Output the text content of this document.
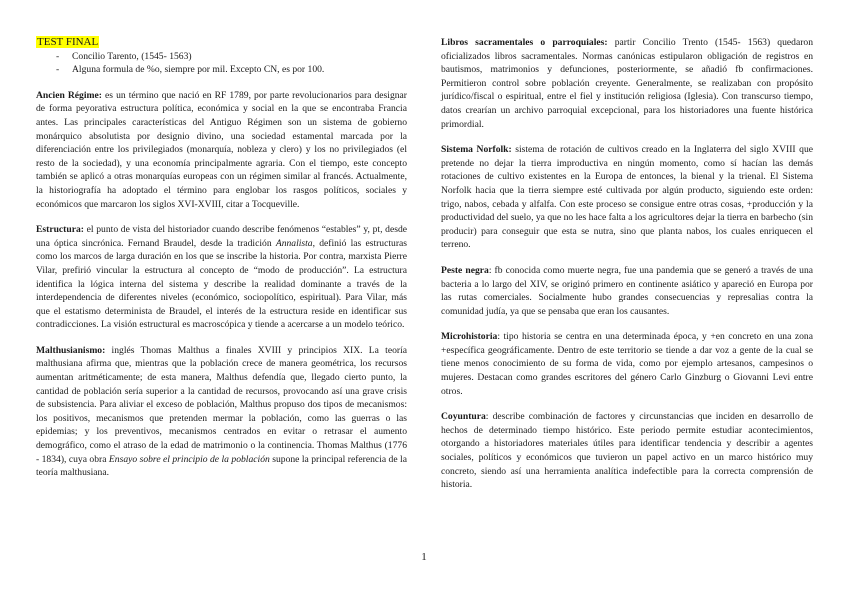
TEST FINAL
- Concilio Tarento, (1545- 1563)
- Alguna formula de %o, siempre por mil. Excepto CN, es por 100.

Ancien Régime: es un término que nació en RF 1789, por parte revolucionarios para designar de forma peyorativa estructura política, económica y social en la que se encontraba Francia antes. Las principales características del Antiguo Régimen son un sistema de gobierno monárquico absolutista por designio divino, una sociedad estamental marcada por la diferenciación entre los privilegiados (monarquía, nobleza y clero) y los no privilegiados (el resto de la sociedad), y una economía principalmente agraria. Con el tiempo, este concepto también se aplicó a otras monarquías europeas con un régimen similar al francés. Actualmente, la historiografía ha adoptado el término para englobar los rasgos políticos, sociales y económicos que marcaron los siglos XVI-XVIII, citar a Tocqueville.

Estructura: el punto de vista del historiador cuando describe fenómenos “estables” y, pt, desde una óptica sincrónica. Fernand Braudel, desde la tradición Annalista, definió las estructuras como los marcos de larga duración en los que se inscribe la historia. Por contra, marxista Pierre Vilar, prefirió vincular la estructura al concepto de “modo de producción”. La estructura identifica la lógica interna del sistema y describe la realidad dominante a través de la interdependencia de diferentes niveles (económico, sociopolítico, espiritual). Para Vilar, más que el estatismo determinista de Braudel, el interés de la estructura reside en identificar sus contradicciones. La visión estructural es macroscópica y tiende a acercarse a un modelo teórico.

Malthusianismo: inglés Thomas Malthus a finales XVIII y principios XIX. La teoría malthusiana afirma que, mientras que la población crece de manera geométrica, los recursos aumentan aritméticamente; de esta manera, Malthus defendía que, llegado cierto punto, la cantidad de población sería superior a la cantidad de recursos, provocando así una grave crisis de subsistencia. Para aliviar el exceso de población, Malthus propuso dos tipos de mecanismos: los positivos, mecanismos que pretenden mermar la población, como las guerras o las epidemias; y los preventivos, mecanismos centrados en evitar o retrasar el aumento demográfico, como el atraso de la edad de matrimonio o la continencia. Thomas Malthus (1776 - 1834), cuya obra Ensayo sobre el principio de la población supone la principal referencia de la teoría malthusiana.

Libros sacramentales o parroquiales: partir Concilio Trento (1545- 1563) quedaron oficializados libros sacramentales. Normas canónicas estipularon obligación de registros en bautismos, matrimonios y defunciones, posteriormente, se añadió fb confirmaciones. Permitieron control sobre población creyente. Generalmente, se realizaban con propósito jurídico/fiscal o espiritual, entre el fiel y institución religiosa (Iglesia). Con transcurso tiempo, datos crearían un archivo parroquial excepcional, para los historiadores una fuente histórica primordial.

Sistema Norfolk: sistema de rotación de cultivos creado en la Inglaterra del siglo XVIII que pretende no dejar la tierra improductiva en ningún momento, como sí hacían las demás rotaciones de cultivo existentes en la Europa de entonces, la bienal y la trienal. El Sistema Norfolk hacia que la tierra siempre esté cultivada por algún producto, siguiendo este orden: trigo, nabos, cebada y alfalfa. Con este proceso se consigue entre otras cosas, +producción y la productividad del suelo, ya que no les hace falta a los agricultores dejar la tierra en barbecho (sin producir) para conseguir que esta se nutra, sino que planta nabos, los cuales enriquecen el terreno.

Peste negra: fb conocida como muerte negra, fue una pandemia que se generó a través de una bacteria a lo largo del XIV, se originó primero en continente asiático y apareció en Europa por las rutas comerciales. Socialmente hubo grandes consecuencias y represalias contra la comunidad judía, ya que se pensaba que eran los causantes.

Microhistoria: tipo historia se centra en una determinada época, y +en concreto en una zona +específica geográficamente. Dentro de este territorio se tiende a dar voz a gente de la cual se tiene menos conocimiento de su forma de vida, como por ejemplo artesanos, campesinos o mujeres. Destacan como grandes escritores del género Carlo Ginzburg o Giovanni Levi entre otros.

Coyuntura: describe combinación de factores y circunstancias que inciden en desarrollo de hechos de determinado tiempo histórico. Este periodo permite estudiar acontecimientos, otorgando a historiadores materiales útiles para identificar tendencia y describir a agentes sociales, políticos y económicos que tuvieron un papel activo en un marco histórico muy concreto, siendo así una herramienta analítica indefectible para la correcta comprensión de historia.

1
